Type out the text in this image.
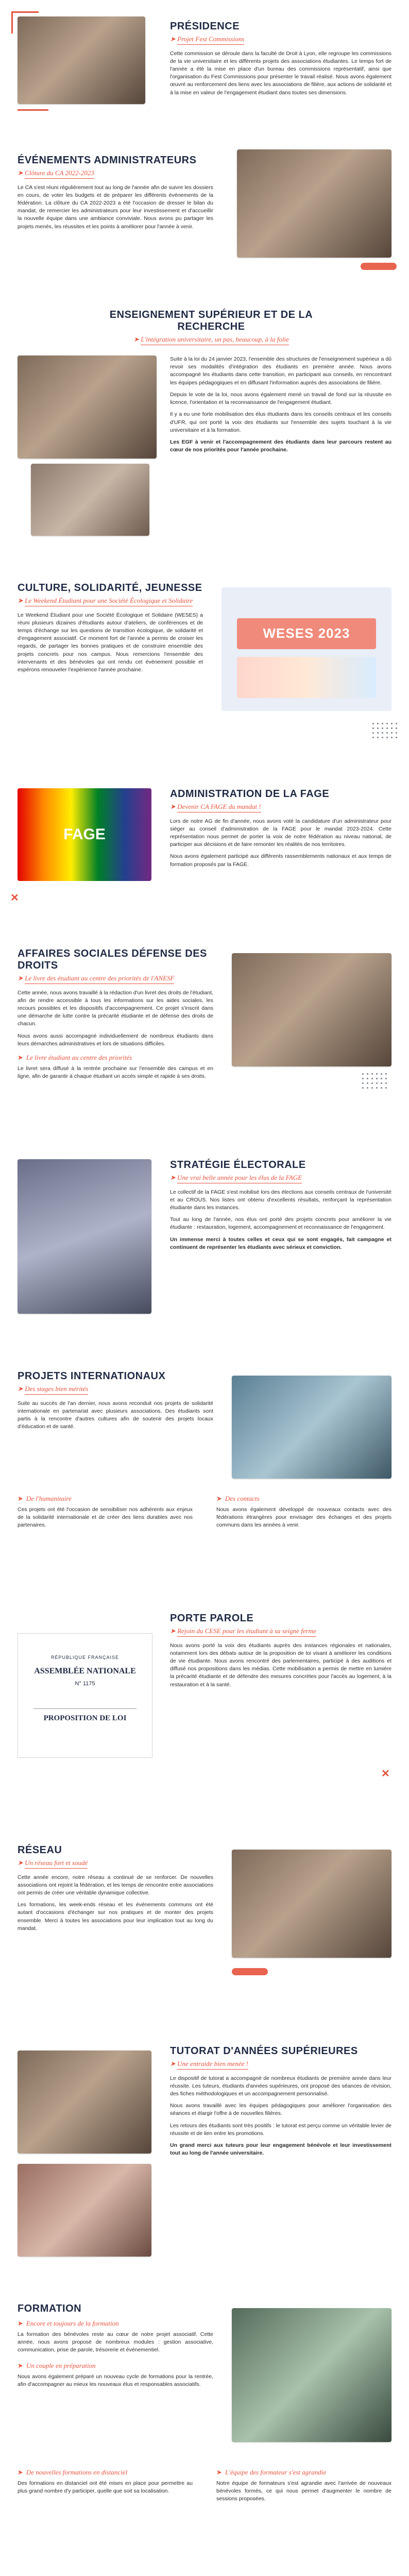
PRÉSIDENCE
➤ Projet Fest Commissions

Cette commission se déroule dans la faculté de Droit à Lyon, elle regroupe les commissions de la vie universitaire et les différents projets des associations étudiantes. Le temps fort de l'année a été la mise en place d'un bureau des commissions représentatif, ainsi que l'organisation du Fest Commissions pour présenter le travail réalisé. Nous avons également œuvré au renforcement des liens avec les associations de filière, aux actions de solidarité et à la mise en valeur de l'engagement étudiant dans toutes ses dimensions.

ÉVÉNEMENTS ADMINISTRATEURS
➤ Clôture du CA 2022-2023

Le CA s'est réuni régulièrement tout au long de l'année afin de suivre les dossiers en cours, de voter les budgets et de préparer les différents événements de la fédération. La clôture du CA 2022-2023 a été l'occasion de dresser le bilan du mandat, de remercier les administrateurs pour leur investissement et d'accueillir la nouvelle équipe dans une ambiance conviviale. Nous avons pu partager les projets menés, les réussites et les points à améliorer pour l'année à venir.

ENSEIGNEMENT SUPÉRIEUR ET DE LA RECHERCHE
➤ L'intégration universitaire, un pas, beaucoup, à la folie

Suite à la loi du 24 janvier 2023, l'ensemble des structures de l'enseignement supérieur a dû revoir ses modalités d'intégration des étudiants en première année. Nous avons accompagné les étudiants dans cette transition, en participant aux conseils, en rencontrant les équipes pédagogiques et en diffusant l'information auprès des associations de filière.

Depuis le vote de la loi, nous avons également mené un travail de fond sur la réussite en licence, l'orientation et la reconnaissance de l'engagement étudiant.

Il y a eu une forte mobilisation des élus étudiants dans les conseils centraux et les conseils d'UFR, qui ont porté la voix des étudiants sur l'ensemble des sujets touchant à la vie universitaire et à la formation.

Les EGF à venir et l'accompagnement des étudiants dans leur parcours restent au cœur de nos priorités pour l'année prochaine.

CULTURE, SOLIDARITÉ, JEUNESSE
➤ Le Weekend Étudiant pour une Société Écologique et Solidaire

Le Weekend Étudiant pour une Société Écologique et Solidaire (WESES) a réuni plusieurs dizaines d'étudiants autour d'ateliers, de conférences et de temps d'échange sur les questions de transition écologique, de solidarité et d'engagement associatif. Ce moment fort de l'année a permis de croiser les regards, de partager les bonnes pratiques et de construire ensemble des projets concrets pour nos campus. Nous remercions l'ensemble des intervenants et des bénévoles qui ont rendu cet événement possible et espérons renouveler l'expérience l'année prochaine.

WESES 2023
FAGE
✕
ADMINISTRATION DE LA FAGE
➤ Devenir CA FAGE du mandat !

Lors de notre AG de fin d'année, nous avons voté la candidature d'un administrateur pour siéger au conseil d'administration de la FAGE pour le mandat 2023-2024. Cette représentation nous permet de porter la voix de notre fédération au niveau national, de participer aux décisions et de faire remonter les réalités de nos territoires.

Nous avons également participé aux différents rassemblements nationaux et aux temps de formation proposés par la FAGE.

AFFAIRES SOCIALES DÉFENSE DES DROITS
➤ Le livre des étudiant au centre des priorités de l'ANESF

Cette année, nous avons travaillé à la rédaction d'un livret des droits de l'étudiant, afin de rendre accessible à tous les informations sur les aides sociales, les recours possibles et les dispositifs d'accompagnement. Ce projet s'inscrit dans une démarche de lutte contre la précarité étudiante et de défense des droits de chacun.

Nous avons aussi accompagné individuellement de nombreux étudiants dans leurs démarches administratives et lors de situations difficiles.

➤ Le livre étudiant au centre des priorités

Le livret sera diffusé à la rentrée prochaine sur l'ensemble des campus et en ligne, afin de garantir à chaque étudiant un accès simple et rapide à ses droits.

STRATÉGIE ÉLECTORALE
➤ Une vrai belle année pour les élus de la FAGE

Le collectif de la FAGE s'est mobilisé lors des élections aux conseils centraux de l'université et au CROUS. Nos listes ont obtenu d'excellents résultats, renforçant la représentation étudiante dans les instances.

Tout au long de l'année, nos élus ont porté des projets concrets pour améliorer la vie étudiante : restauration, logement, accompagnement et reconnaissance de l'engagement.

Un immense merci à toutes celles et ceux qui se sont engagés, fait campagne et continuent de représenter les étudiants avec sérieux et conviction.

PROJETS INTERNATIONAUX
➤ Des stages bien mérités

Suite au succès de l'an dernier, nous avons reconduit nos projets de solidarité internationale en partenariat avec plusieurs associations. Des étudiants sont partis à la rencontre d'autres cultures afin de soutenir des projets locaux d'éducation et de santé.

➤ De l'humanitaire

Ces projets ont été l'occasion de sensibiliser nos adhérents aux enjeux de la solidarité internationale et de créer des liens durables avec nos partenaires.

➤ Des contacts

Nous avons également développé de nouveaux contacts avec des fédérations étrangères pour envisager des échanges et des projets communs dans les années à venir.

RÉPUBLIQUE FRANÇAISE
ASSEMBLÉE NATIONALE
N° 1175
PROPOSITION DE LOI
PORTE PAROLE
➤ Rejoin du CESE pour les étudiant à sa seigne ferme

Nous avons porté la voix des étudiants auprès des instances régionales et nationales, notamment lors des débats autour de la proposition de loi visant à améliorer les conditions de vie étudiante. Nous avons rencontré des parlementaires, participé à des auditions et diffusé nos propositions dans les médias. Cette mobilisation a permis de mettre en lumière la précarité étudiante et de défendre des mesures concrètes pour l'accès au logement, à la restauration et à la santé.

✕
RÉSEAU
➤ Un réseau fort et soudé

Cette année encore, notre réseau a continué de se renforcer. De nouvelles associations ont rejoint la fédération, et les temps de rencontre entre associations ont permis de créer une véritable dynamique collective.

Les formations, les week-ends réseau et les événements communs ont été autant d'occasions d'échanger sur nos pratiques et de monter des projets ensemble. Merci à toutes les associations pour leur implication tout au long du mandat.

TUTORAT D'ANNÉES SUPÉRIEURES
➤ Une entraide bien menée !

Le dispositif de tutorat a accompagné de nombreux étudiants de première année dans leur réussite. Les tuteurs, étudiants d'années supérieures, ont proposé des séances de révision, des fiches méthodologiques et un accompagnement personnalisé.

Nous avons travaillé avec les équipes pédagogiques pour améliorer l'organisation des séances et élargir l'offre à de nouvelles filières.

Les retours des étudiants sont très positifs : le tutorat est perçu comme un véritable levier de réussite et de lien entre les promotions.

Un grand merci aux tuteurs pour leur engagement bénévole et leur investissement tout au long de l'année universitaire.

FORMATION

➤ Encore et toujours de la formation

La formation des bénévoles reste au cœur de notre projet associatif. Cette année, nous avons proposé de nombreux modules : gestion associative, communication, prise de parole, trésorerie et événementiel.

➤ Un couple en préparation

Nous avons également préparé un nouveau cycle de formations pour la rentrée, afin d'accompagner au mieux les nouveaux élus et responsables associatifs.

➤ De nouvelles formations en distanciel

Des formations en distanciel ont été mises en place pour permettre au plus grand nombre d'y participer, quelle que soit sa localisation.

➤ L'équipe des formateur s'est agrandie

Notre équipe de formateurs s'est agrandie avec l'arrivée de nouveaux bénévoles formés, ce qui nous permet d'augmenter le nombre de sessions proposées.
